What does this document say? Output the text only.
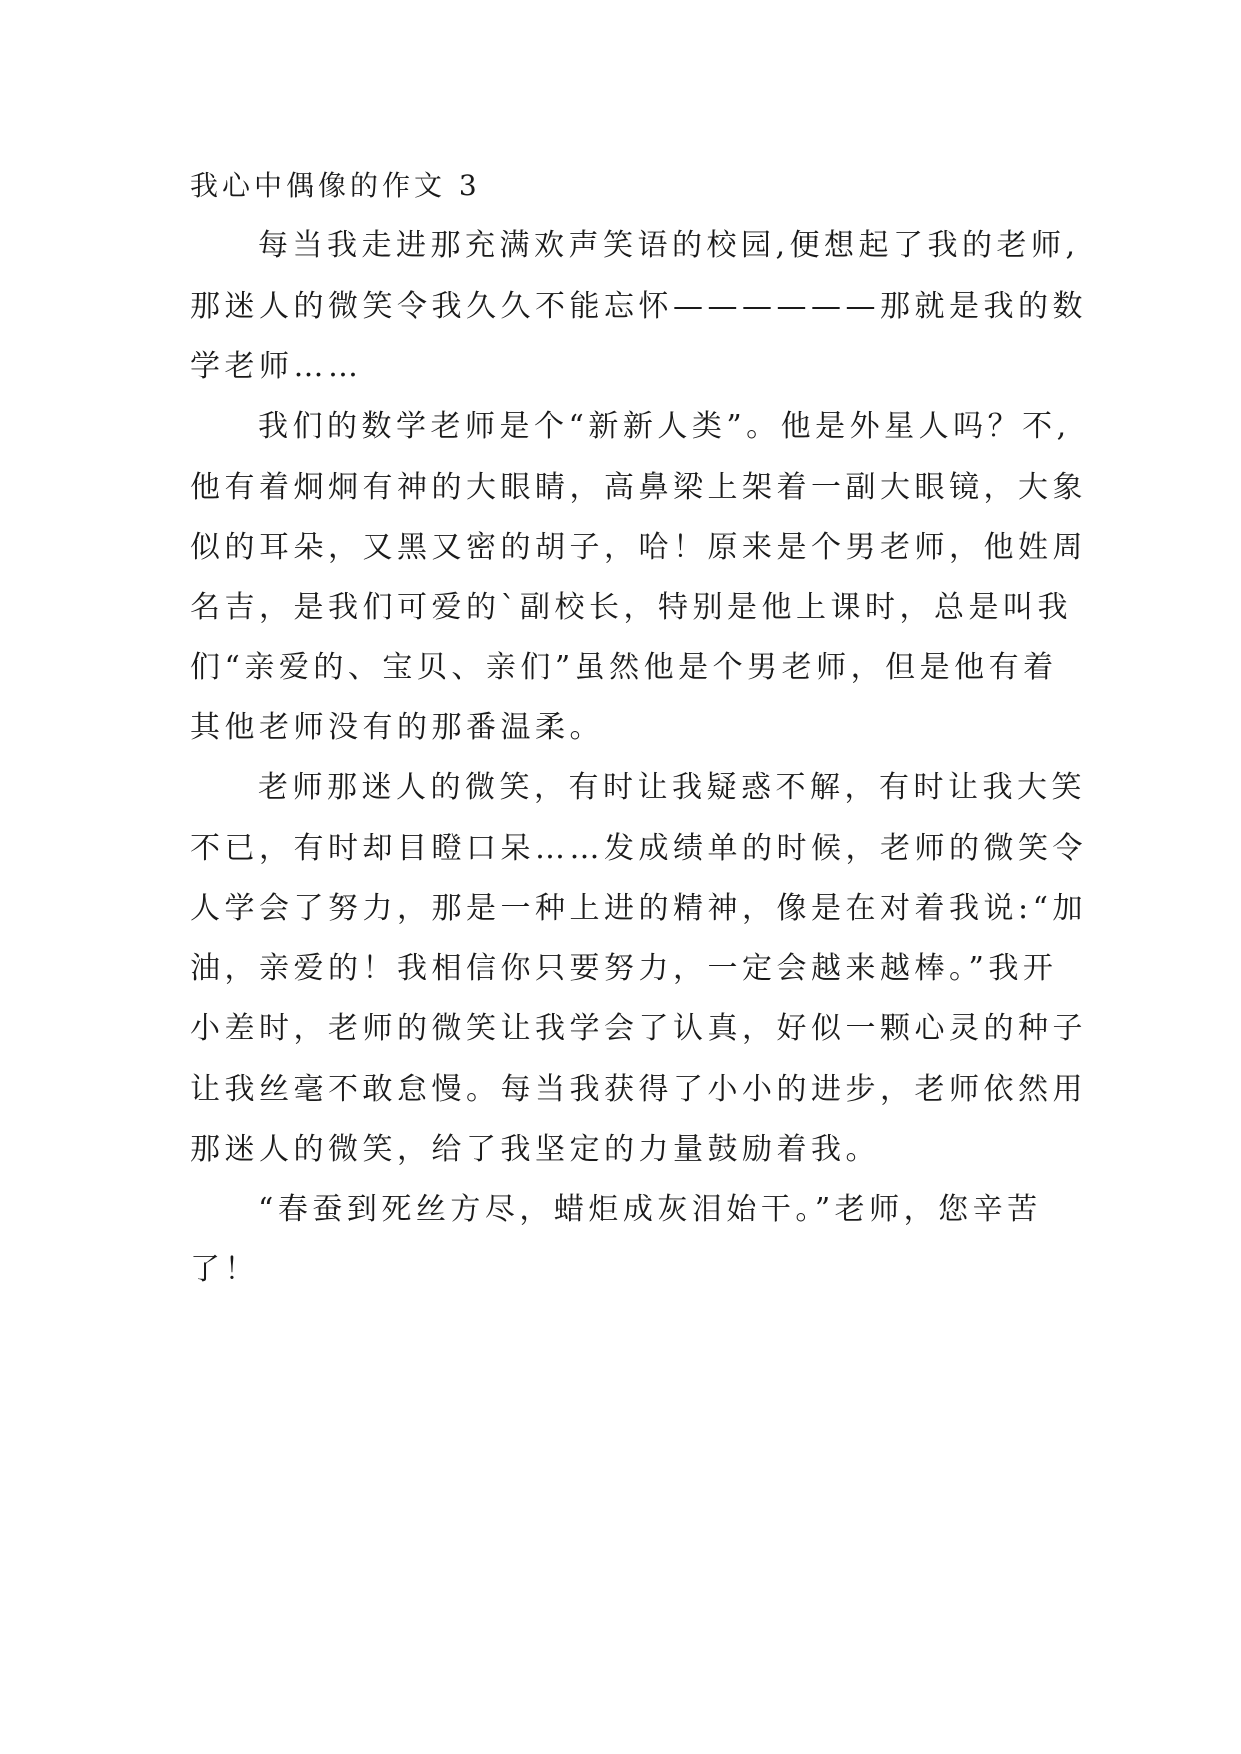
我心中偶像的作文 3
每当我走进那充满欢声笑语的校园,便想起了我的老师,
那迷人的微笑令我久久不能忘怀——————那就是我的数
学老师……
我们的数学老师是个“新新人类”。他是外星人吗？不,
他有着炯炯有神的大眼睛，高鼻梁上架着一副大眼镜，大象
似的耳朵，又黑又密的胡子，哈！原来是个男老师，他姓周
名吉，是我们可爱的`副校长，特别是他上课时，总是叫我
们“亲爱的、宝贝、亲们”虽然他是个男老师，但是他有着
其他老师没有的那番温柔。
老师那迷人的微笑，有时让我疑惑不解，有时让我大笑
不已，有时却目瞪口呆……发成绩单的时候，老师的微笑令
人学会了努力，那是一种上进的精神，像是在对着我说:“加
油，亲爱的！我相信你只要努力，一定会越来越棒。”我开
小差时，老师的微笑让我学会了认真，好似一颗心灵的种子
让我丝毫不敢怠慢。每当我获得了小小的进步，老师依然用
那迷人的微笑，给了我坚定的力量鼓励着我。
“春蚕到死丝方尽，蜡炬成灰泪始干。”老师，您辛苦
了！
